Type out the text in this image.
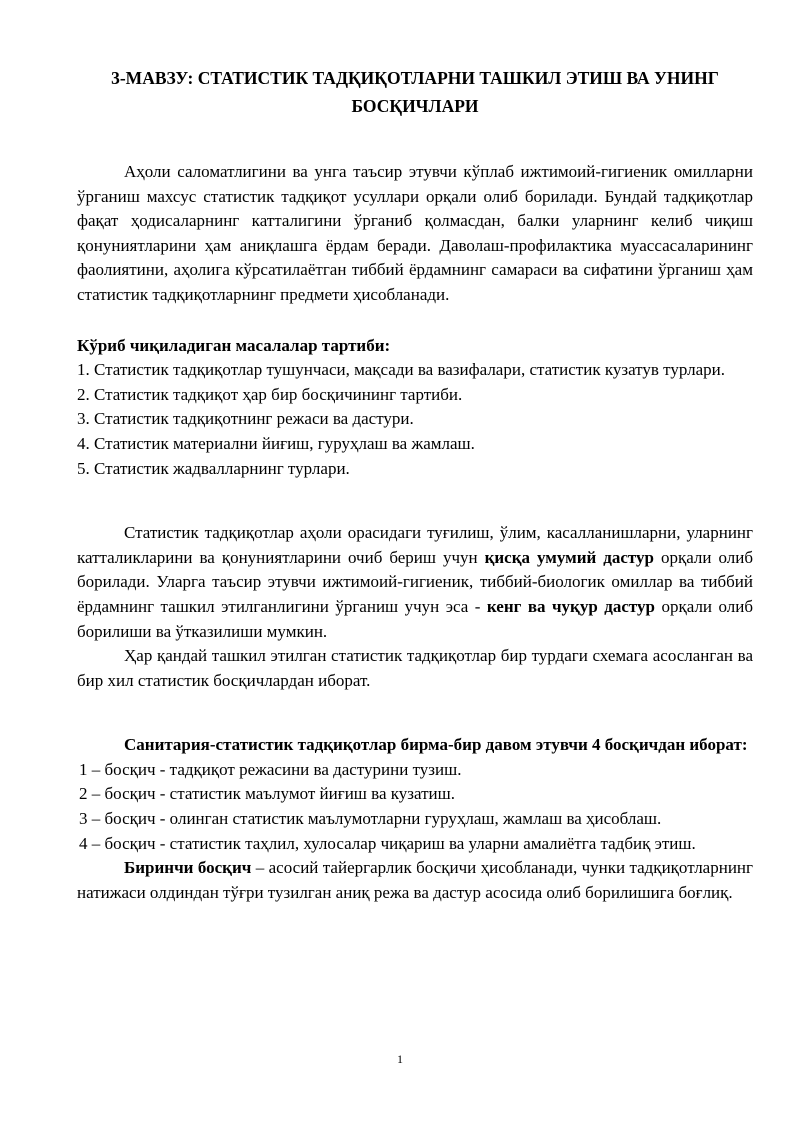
3-МАВЗУ: СТАТИСТИК ТАДҚИҚОТЛАРНИ ТАШКИЛ ЭТИШ ВА УНИНГ
БОСҚИЧЛАРИ

Аҳоли саломатлигини ва унга таъсир этувчи кўплаб ижтимоий-гигиеник омилларни ўрганиш махсус статистик тадқиқот усуллари орқали олиб борилади. Бундай тадқиқотлар фақат ҳодисаларнинг катталигини ўрганиб қолмасдан, балки уларнинг келиб чиқиш қонуниятларини ҳам аниқлашга ёрдам беради. Даволаш-профилактика муассасаларининг фаолиятини, аҳолига кўрсатилаётган тиббий ёрдамнинг самараси ва сифатини ўрганиш ҳам статистик тадқиқотларнинг предмети ҳисобланади.

Кўриб чиқиладиган масалалар тартиби:

1. Статистик тадқиқотлар тушунчаси, мақсади ва вазифалари, статистик кузатув турлари.
2. Статистик тадқиқот ҳар бир босқичининг тартиби.
3. Статистик тадқиқотнинг режаси ва дастури.
4. Статистик материални йиғиш, гуруҳлаш ва жамлаш.
5. Статистик жадвалларнинг турлари.

Статистик тадқиқотлар аҳоли орасидаги туғилиш, ўлим, касалланишларни, уларнинг катталикларини ва қонуниятларини очиб бериш учун қисқа умумий дастур орқали олиб борилади. Уларга таъсир этувчи ижтимоий-гигиеник, тиббий-биологик омиллар ва тиббий ёрдамнинг ташкил этилганлигини ўрганиш учун эса - кенг ва чуқур дастур орқали олиб борилиши ва ўтказилиши мумкин.

Ҳар қандай ташкил этилган статистик тадқиқотлар бир турдаги схемага асосланган ва бир хил статистик босқичлардан иборат.

Санитария-статистик тадқиқотлар бирма-бир давом этувчи 4 босқичдан иборат:

1 – босқич - тадқиқот режасини ва дастурини тузиш.

2 – босқич - статистик маълумот йиғиш ва кузатиш.

3 – босқич - олинган статистик маълумотларни гуруҳлаш, жамлаш ва ҳисоблаш.

4 – босқич - статистик таҳлил, хулосалар чиқариш ва уларни амалиётга тадбиқ этиш.

Биринчи босқич – асосий тайергарлик босқичи ҳисобланади, чунки тадқиқотларнинг натижаси олдиндан тўғри тузилган аниқ режа ва дастур асосида олиб борилишига боғлиқ.

1
